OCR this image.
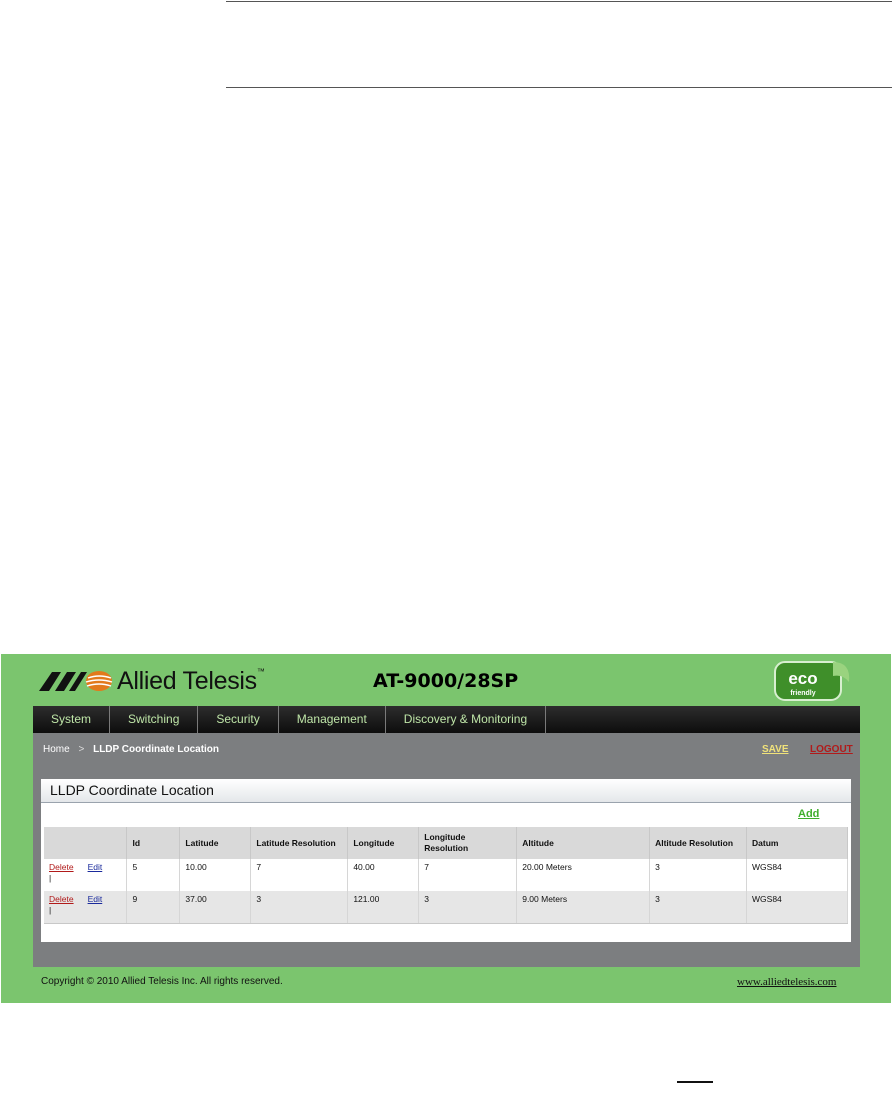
Allied Telesis™	AT-9000/28SP	eco
friendly
System	Switching	Security	Management	Discovery & Monitoring
Home > LLDP Coordinate Location	SAVE LOGOUT
LLDP Coordinate Location
Add
	Id	Latitude	Latitude Resolution	Longitude	Longitude Resolution	Altitude	Altitude Resolution	Datum
Delete Edit
|	5	10.00	7	40.00	7	20.00 Meters	3	WGS84
Delete Edit
|	9	37.00	3	121.00	3	9.00 Meters	3	WGS84
Copyright © 2010 Allied Telesis Inc. All rights reserved.	www.alliedtelesis.com
